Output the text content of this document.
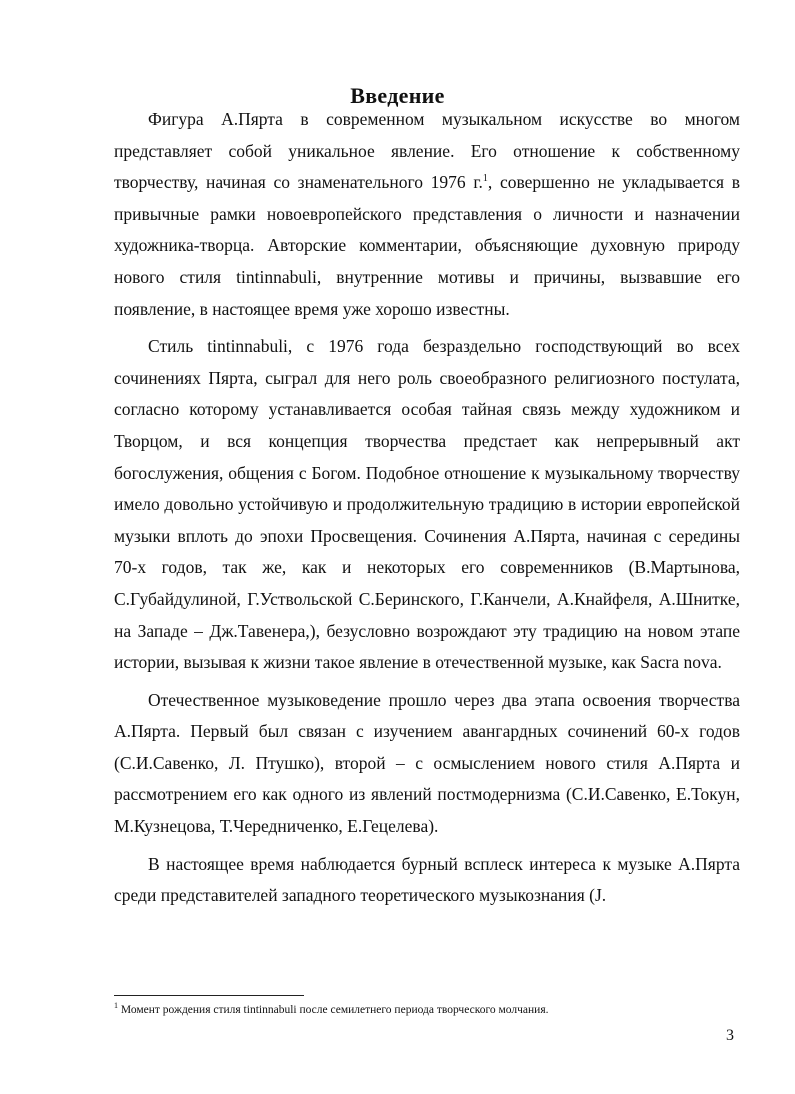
Введение

Фигура А.Пярта в современном музыкальном искусстве во многом представляет собой уникальное явление. Его отношение к собственному творчеству, начиная со знаменательного 1976 г.$^1$, совершенно не укладывается в привычные рамки новоевропейского представления о личности и назначении художника-творца. Авторские комментарии, объясняющие духовную природу нового стиля tintinnabuli, внутренние мотивы и причины, вызвавшие его появление, в настоящее время уже хорошо известны.

Стиль tintinnabuli, с 1976 года безраздельно господствующий во всех сочинениях Пярта, сыграл для него роль своеобразного религиозного постулата, согласно которому устанавливается особая тайная связь между художником и Творцом, и вся концепция творчества предстает как непрерывный акт богослужения, общения с Богом. Подобное отношение к музыкальному творчеству имело довольно устойчивую и продолжительную традицию в истории европейской музыки вплоть до эпохи Просвещения. Сочинения А.Пярта, начиная с середины 70-х годов, так же, как и некоторых его современников (В.Мартынова, С.Губайдулиной, Г.Уствольской С.Беринского, Г.Канчели, А.Кнайфеля, А.Шнитке, на Западе – Дж.Тавенера,), безусловно возрождают эту традицию на новом этапе истории, вызывая к жизни такое явление в отечественной музыке, как Sacra nova.

Отечественное музыковедение прошло через два этапа освоения творчества А.Пярта. Первый был связан с изучением авангардных сочинений 60-х годов (С.И.Савенко, Л. Птушко), второй – с осмыслением нового стиля А.Пярта и рассмотрением его как одного из явлений постмодернизма (С.И.Савенко, Е.Токун, М.Кузнецова, Т.Чередниченко, Е.Гецелева).

В настоящее время наблюдается бурный всплеск интереса к музыке А.Пярта среди представителей западного теоретического музыкознания (J.

$^1$ Момент рождения стиля tintinnabuli после семилетнего периода творческого молчания.
3
